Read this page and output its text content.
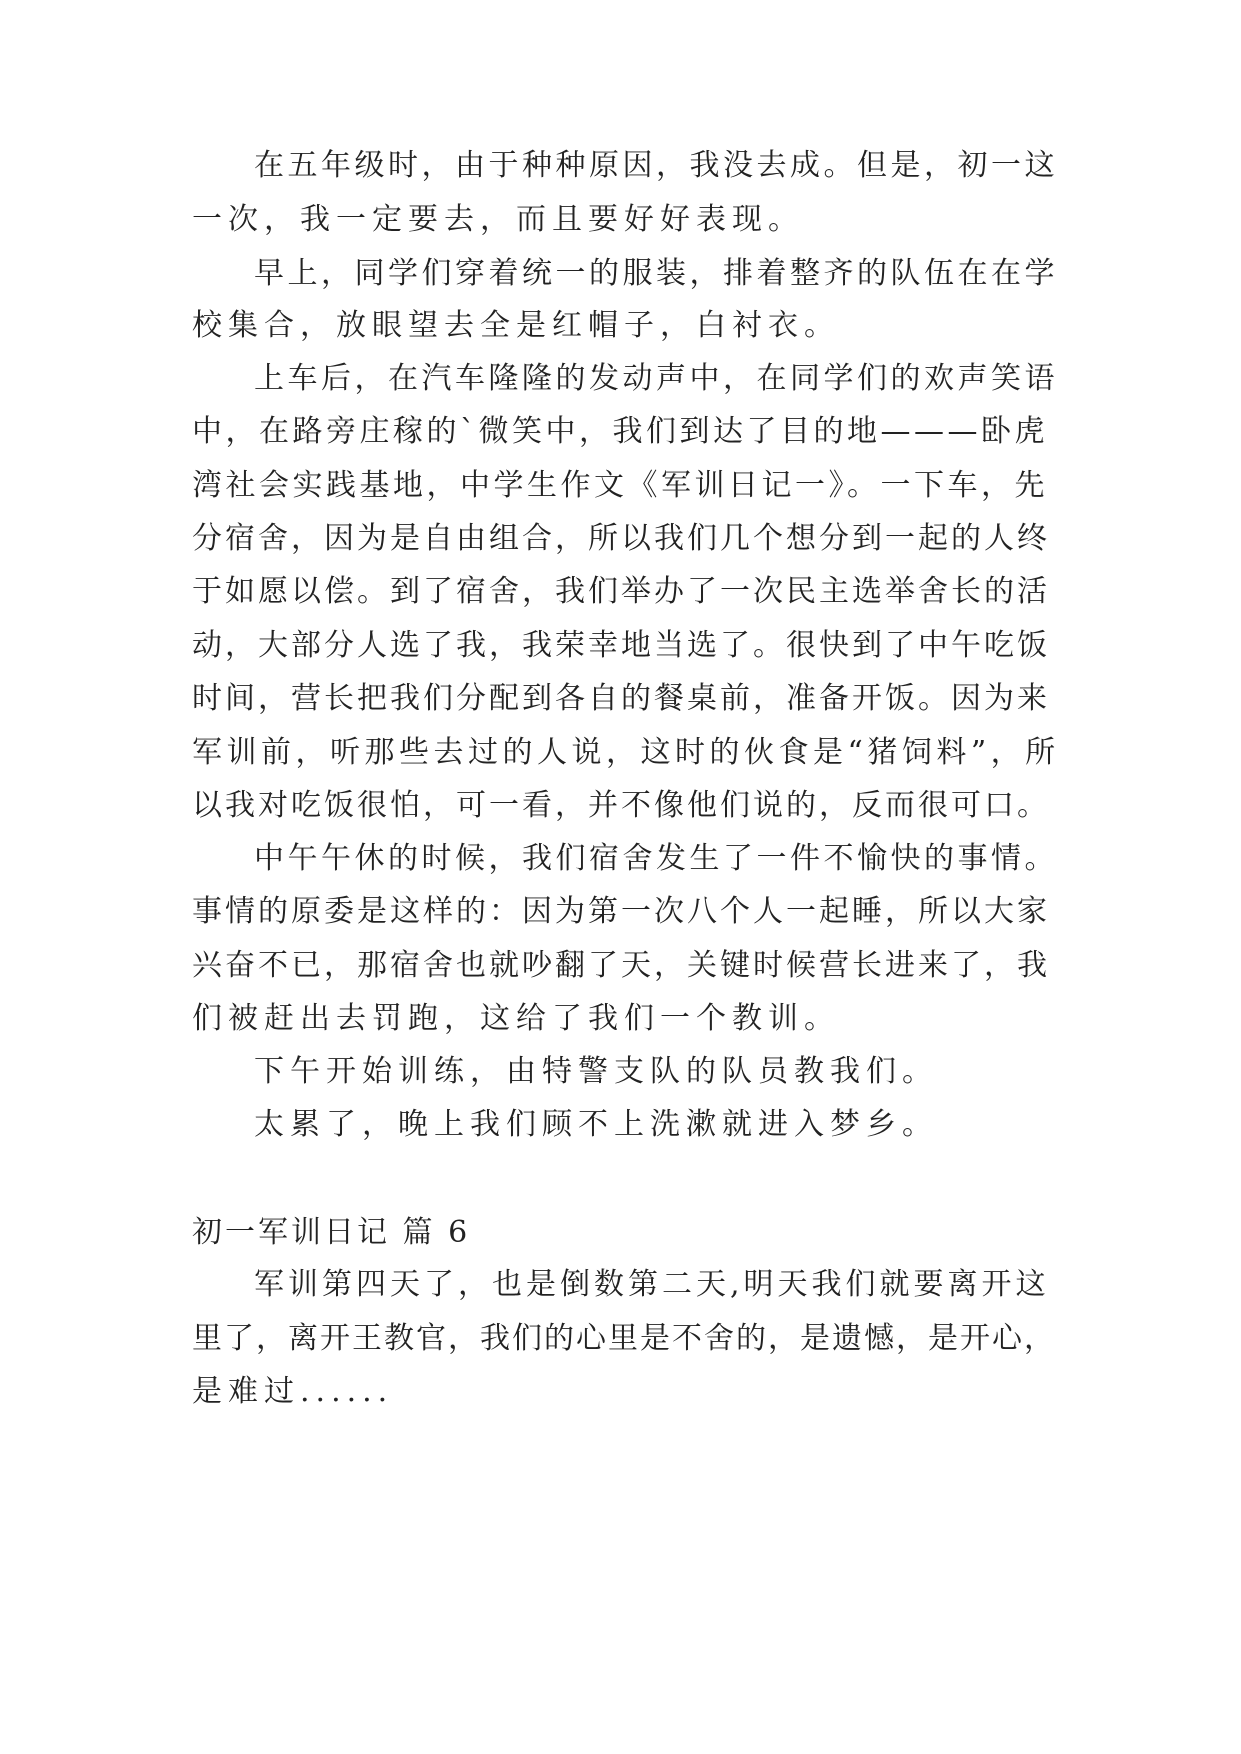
在五年级时，由于种种原因，我没去成。但是，初一这
一次，我一定要去，而且要好好表现。
早上，同学们穿着统一的服装，排着整齐的队伍在在学
校集合，放眼望去全是红帽子，白衬衣。
上车后，在汽车隆隆的发动声中，在同学们的欢声笑语
中，在路旁庄稼的`微笑中，我们到达了目的地———卧虎
湾社会实践基地，中学生作文《军训日记一》。一下车，先
分宿舍，因为是自由组合，所以我们几个想分到一起的人终
于如愿以偿。到了宿舍，我们举办了一次民主选举舍长的活
动，大部分人选了我，我荣幸地当选了。很快到了中午吃饭
时间，营长把我们分配到各自的餐桌前，准备开饭。因为来
军训前，听那些去过的人说，这时的伙食是“猪饲料”，所
以我对吃饭很怕，可一看，并不像他们说的，反而很可口。
中午午休的时候，我们宿舍发生了一件不愉快的事情。
事情的原委是这样的：因为第一次八个人一起睡，所以大家
兴奋不已，那宿舍也就吵翻了天，关键时候营长进来了，我
们被赶出去罚跑，这给了我们一个教训。
下午开始训练，由特警支队的队员教我们。
太累了，晚上我们顾不上洗漱就进入梦乡。
初一军训日记 篇 6
军训第四天了，也是倒数第二天,明天我们就要离开这
里了，离开王教官，我们的心里是不舍的，是遗憾，是开心，
是难过......
